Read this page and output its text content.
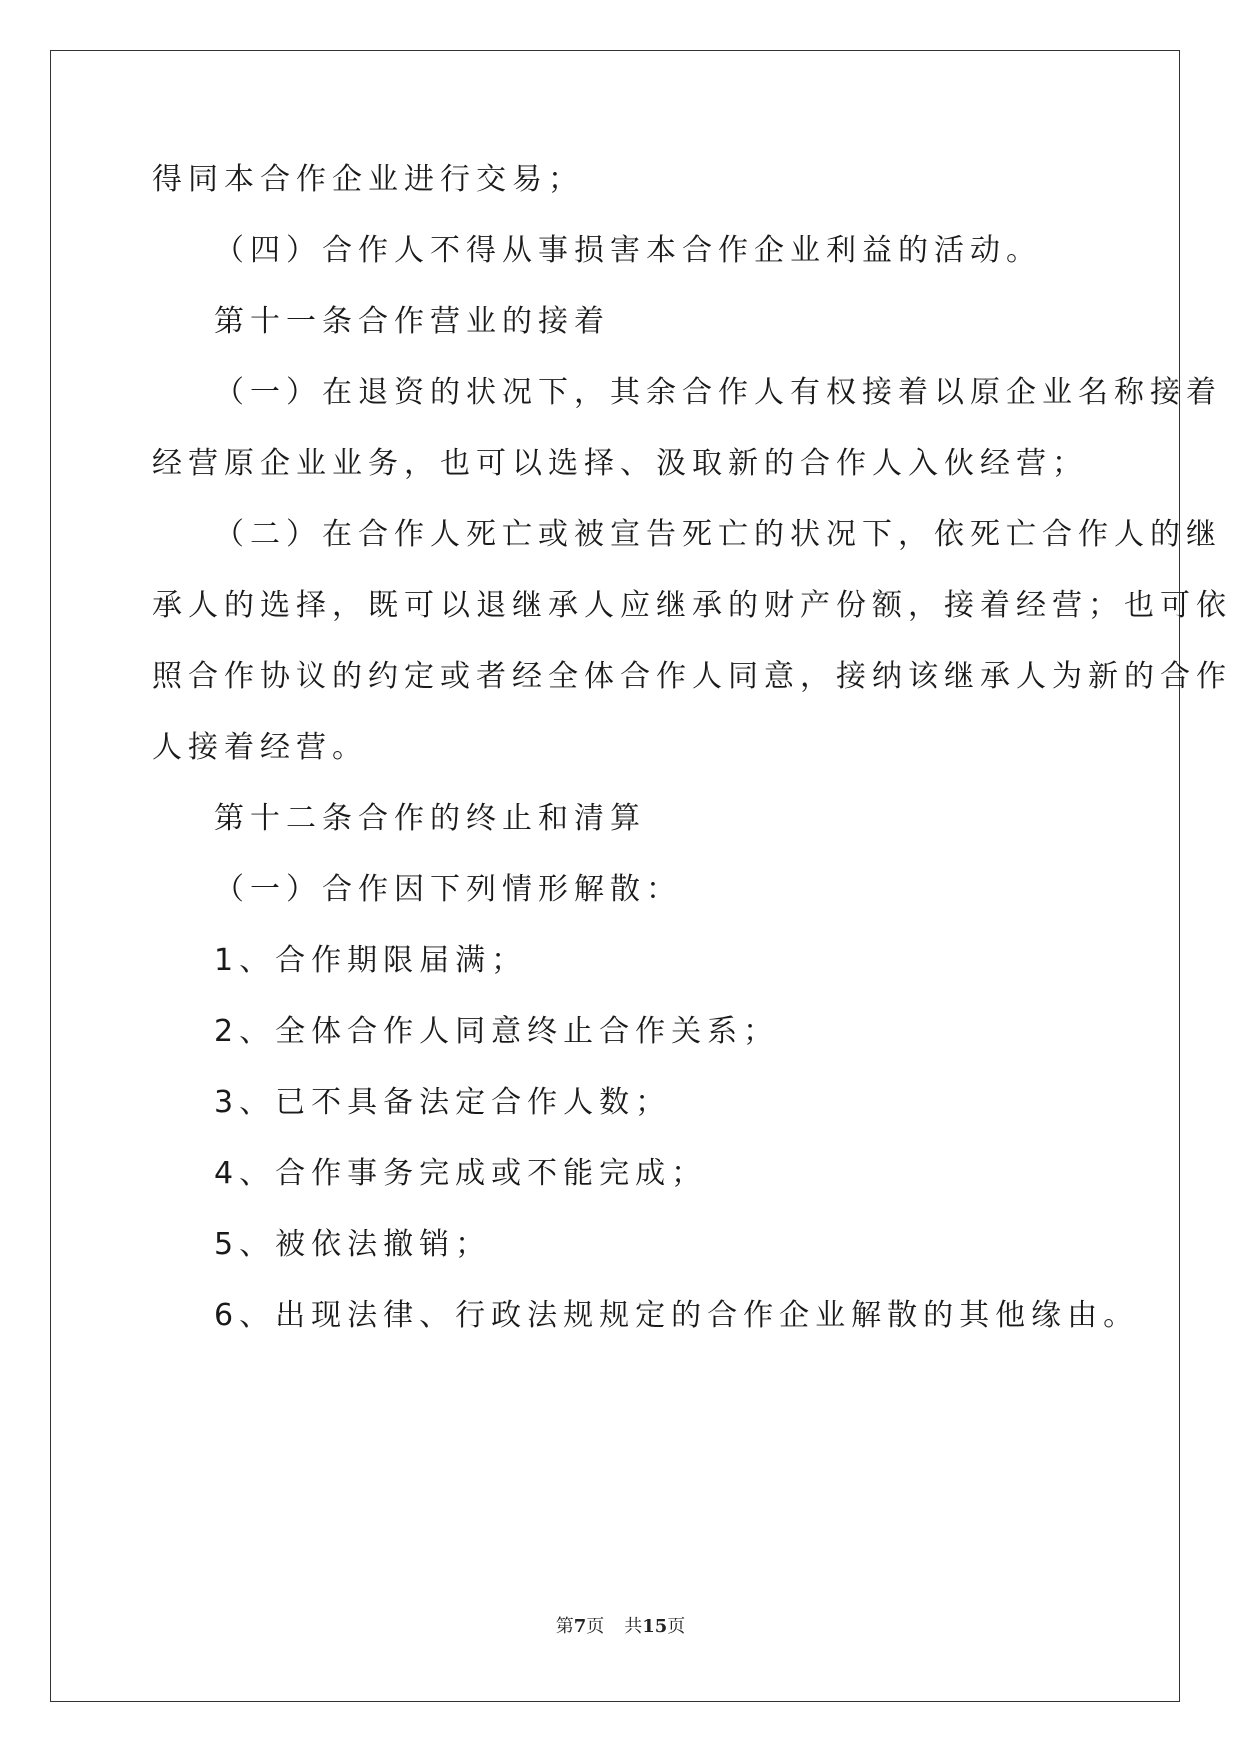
得同本合作企业进行交易；
（四）合作人不得从事损害本合作企业利益的活动。
第十一条合作营业的接着
（一）在退资的状况下，其余合作人有权接着以原企业名称接着
经营原企业业务，也可以选择、汲取新的合作人入伙经营；
（二）在合作人死亡或被宣告死亡的状况下，依死亡合作人的继
承人的选择，既可以退继承人应继承的财产份额，接着经营；也可依
照合作协议的约定或者经全体合作人同意，接纳该继承人为新的合作
人接着经营。
第十二条合作的终止和清算
（一）合作因下列情形解散：
1、合作期限届满；
2、全体合作人同意终止合作关系；
3、已不具备法定合作人数；
4、合作事务完成或不能完成；
5、被依法撤销；
6、出现法律、行政法规规定的合作企业解散的其他缘由。
第7页 共15页
